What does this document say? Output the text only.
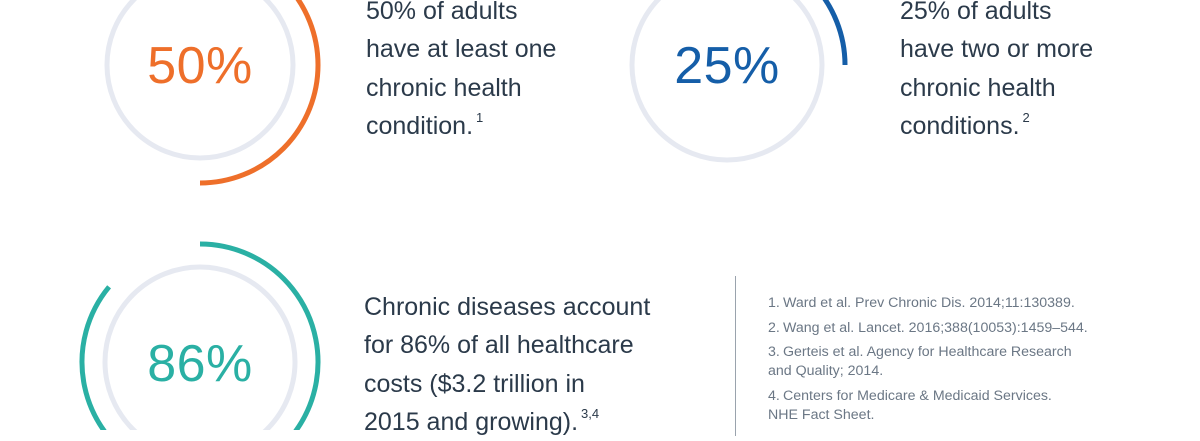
50%	25%
86%

50% of adults
have at least one
chronic health
condition. $^1$

25% of adults
have two or more
chronic health
conditions. $^2$

Chronic diseases account
for 86% of all healthcare
costs ($3.2 trillion in
2015 and growing). $^{3,4}$

1. Ward et al. Prev Chronic Dis. 2014;11:130389.
2. Wang et al. Lancet. 2016;388(10053):1459–544.
3. Gerteis et al. Agency for Healthcare Research
and Quality; 2014.
4. Centers for Medicare & Medicaid Services.
NHE Fact Sheet.
